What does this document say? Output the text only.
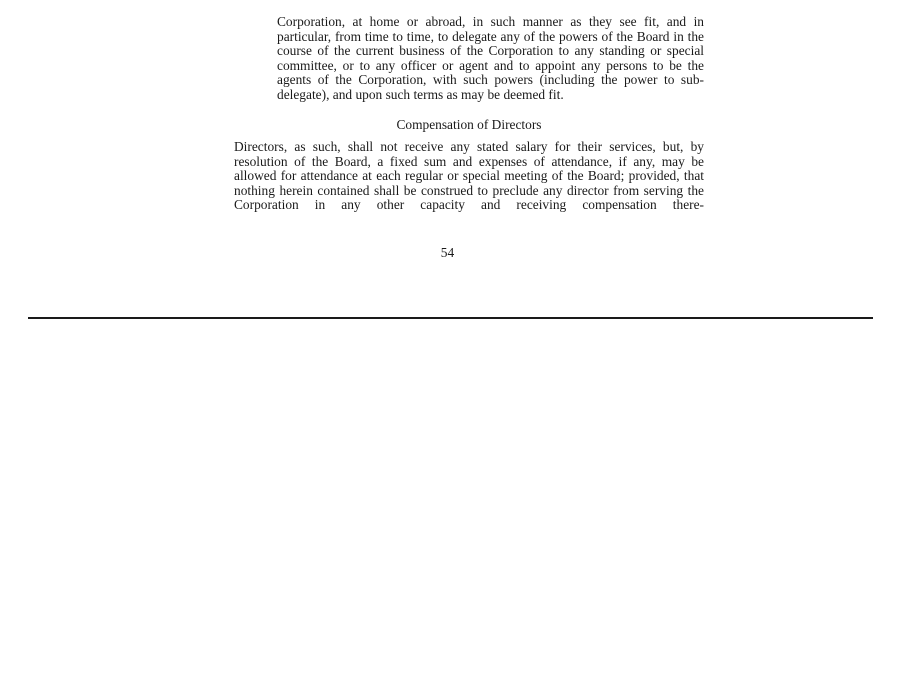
Corporation, at home or abroad, in such manner as they see fit, and in particular, from time to time, to delegate any of the powers of the Board in the course of the current business of the Corporation to any standing or special committee, or to any officer or agent and to appoint any persons to be the agents of the Corporation, with such powers (including the power to sub-delegate), and upon such terms as may be deemed fit.

Compensation of Directors

Directors, as such, shall not receive any stated salary for their services, but, by resolution of the Board, a fixed sum and expenses of attendance, if any, may be allowed for attendance at each regular or special meeting of the Board; provided, that nothing herein contained shall be construed to preclude any director from serving the Corporation in any other capacity and receiving compensation there-

54
